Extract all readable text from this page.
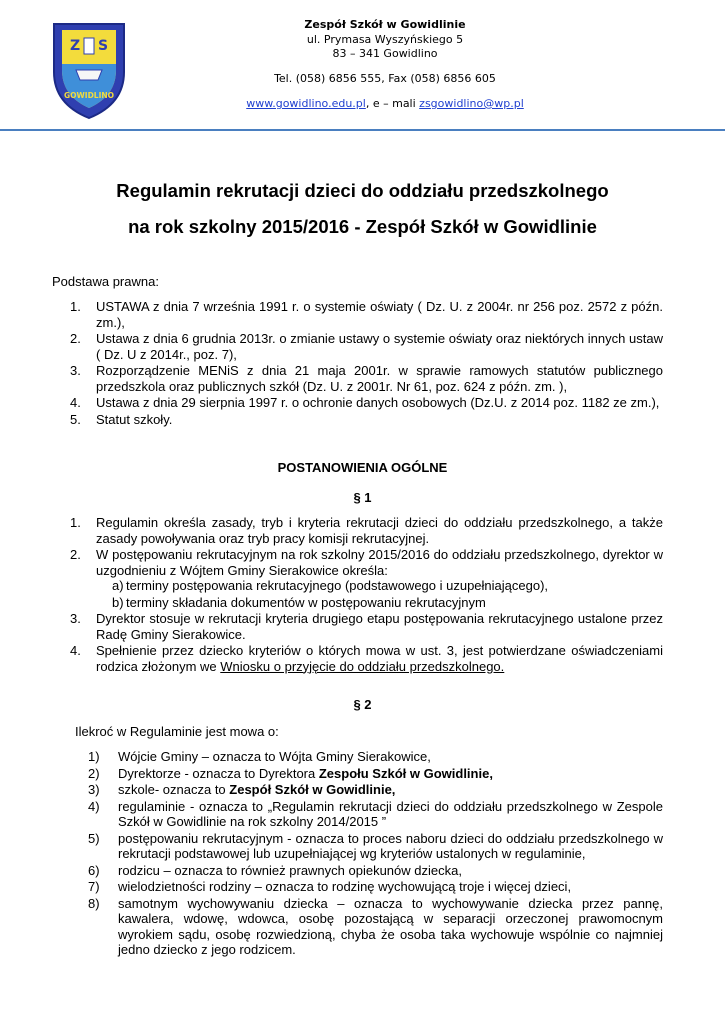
Z S
GOWIDLINO
Zespół Szkół w Gowidlinie
ul. Prymasa Wyszyńskiego 5
83 – 341 Gowidlino
Tel. (058) 6856 555, Fax (058) 6856 605
www.gowidlino.edu.pl, e – mali zsgowidlino@wp.pl
Regulamin rekrutacji dzieci do oddziału przedszkolnego
na rok szkolny 2015/2016 - Zespół Szkół w Gowidlinie
Podstawa prawna:
1. USTAWA z dnia 7 września 1991 r. o systemie oświaty ( Dz. U. z 2004r. nr 256 poz. 2572 z późn. zm.),
2. Ustawa z dnia 6 grudnia 2013r. o zmianie ustawy o systemie oświaty oraz niektórych innych ustaw ( Dz. U z 2014r., poz. 7),
3. Rozporządzenie MENiS z dnia 21 maja 2001r. w sprawie ramowych statutów publicznego przedszkola oraz publicznych szkół (Dz. U. z 2001r. Nr 61, poz. 624 z późn. zm. ),
4. Ustawa z dnia 29 sierpnia 1997 r. o ochronie danych osobowych (Dz.U. z 2014 poz. 1182 ze zm.),
5. Statut szkoły.
POSTANOWIENIA OGÓLNE
§ 1
1. Regulamin określa zasady, tryb i kryteria rekrutacji dzieci do oddziału przedszkolnego, a także zasady powoływania oraz tryb pracy komisji rekrutacyjnej.
2. W postępowaniu rekrutacyjnym na rok szkolny 2015/2016 do oddziału przedszkolnego, dyrektor w uzgodnieniu z Wójtem Gminy Sierakowice określa:
a) terminy postępowania rekrutacyjnego (podstawowego i uzupełniającego),
b) terminy składania dokumentów w postępowaniu rekrutacyjnym
3. Dyrektor stosuje w rekrutacji kryteria drugiego etapu postępowania rekrutacyjnego ustalone przez Radę Gminy Sierakowice.
4. Spełnienie przez dziecko kryteriów o których mowa w ust. 3, jest potwierdzane oświadczeniami rodzica złożonym we Wniosku o przyjęcie do oddziału przedszkolnego.
§ 2
Ilekroć w Regulaminie jest mowa o:
1) Wójcie Gminy – oznacza to Wójta Gminy Sierakowice,
2) Dyrektorze - oznacza to Dyrektora Zespołu Szkół w Gowidlinie,
3) szkole- oznacza to Zespół Szkół w Gowidlinie,
4) regulaminie - oznacza to „Regulamin rekrutacji dzieci do oddziału przedszkolnego w Zespole Szkół w Gowidlinie na rok szkolny 2014/2015 ”
5) postępowaniu rekrutacyjnym - oznacza to proces naboru dzieci do oddziału przedszkolnego w rekrutacji podstawowej lub uzupełniającej wg kryteriów ustalonych w regulaminie,
6) rodzicu – oznacza to również prawnych opiekunów dziecka,
7) wielodzietności rodziny – oznacza to rodzinę wychowującą troje i więcej dzieci,
8) samotnym wychowywaniu dziecka – oznacza to wychowywanie dziecka przez pannę, kawalera, wdowę, wdowca, osobę pozostającą w separacji orzeczonej prawomocnym wyrokiem sądu, osobę rozwiedzioną, chyba że osoba taka wychowuje wspólnie co najmniej jedno dziecko z jego rodzicem.
